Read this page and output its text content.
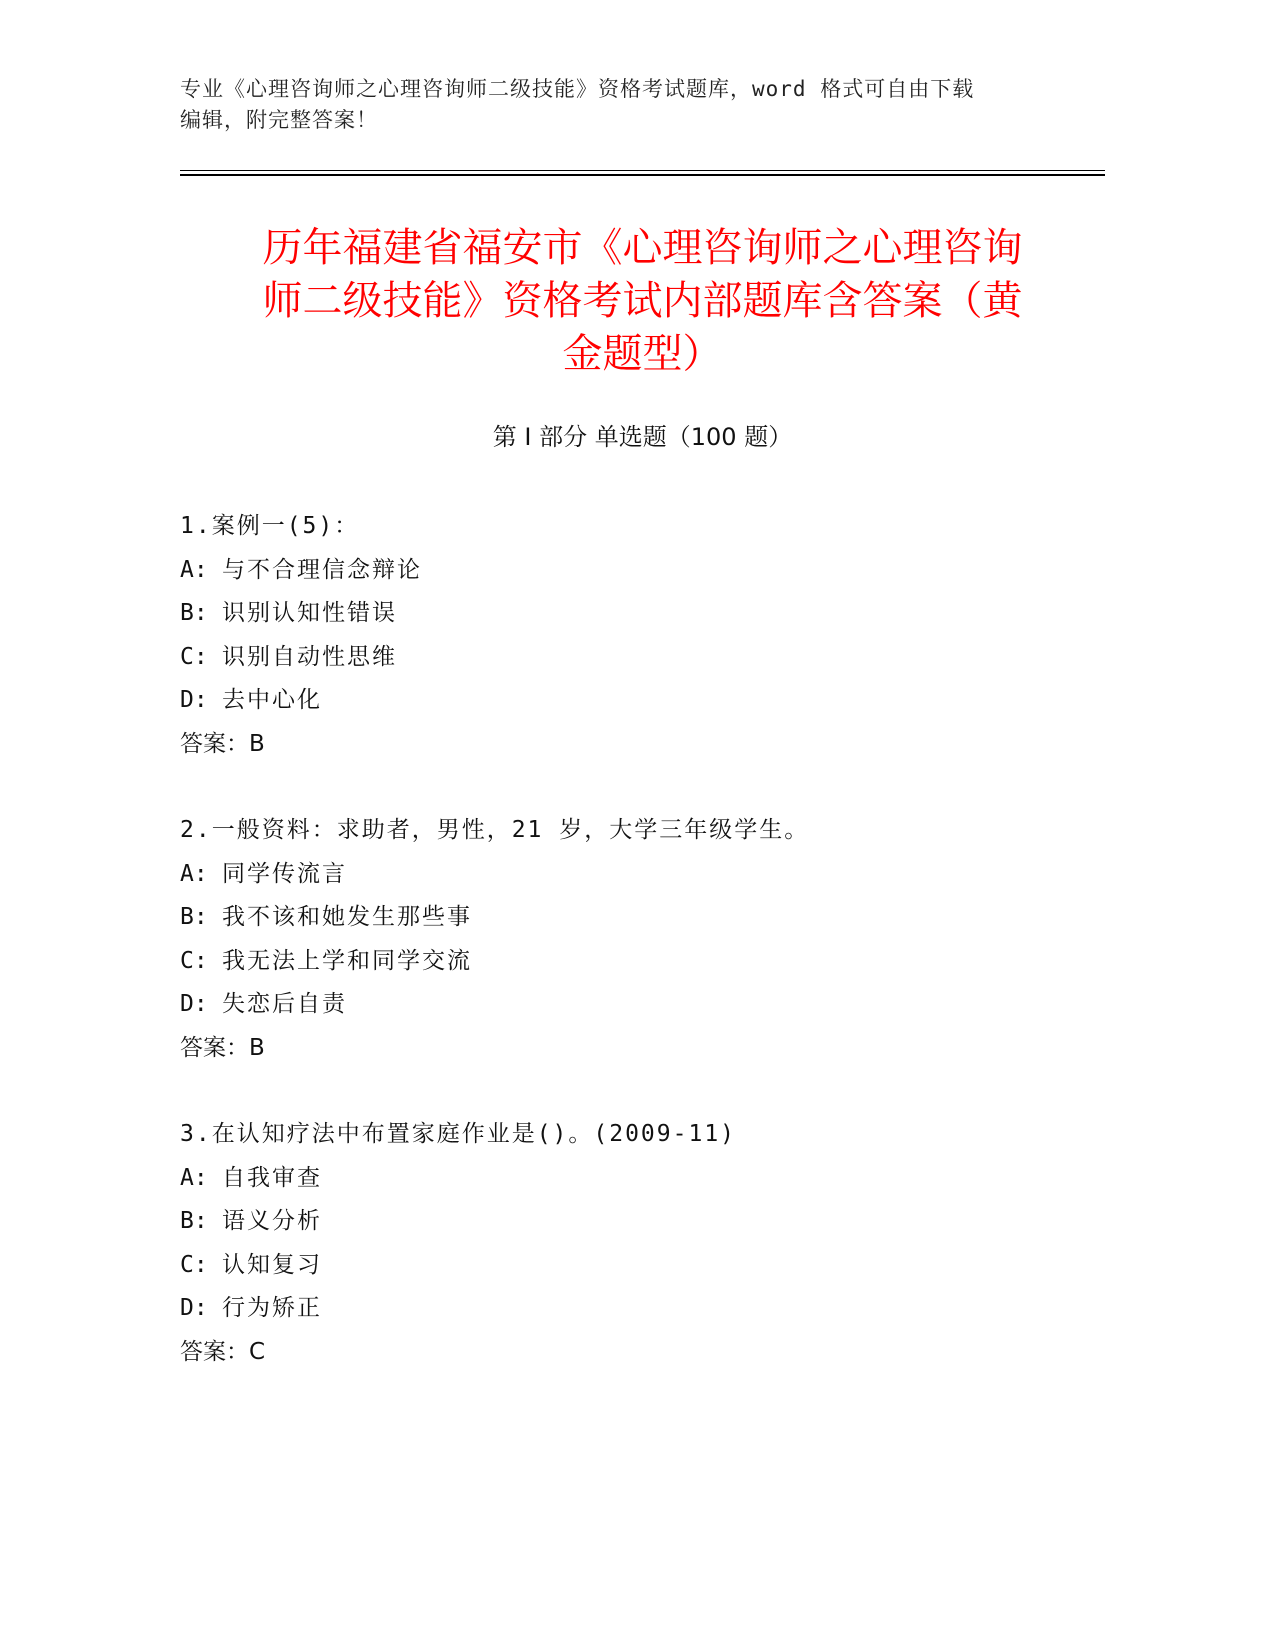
专业《心理咨询师之心理咨询师二级技能》资格考试题库，word 格式可自由下载
编辑，附完整答案！
历年福建省福安市《心理咨询师之心理咨询
师二级技能》资格考试内部题库含答案（黄
金题型）
第 I 部分 单选题（100 题）
1.案例一(5)：
A: 与不合理信念辩论
B: 识别认知性错误
C: 识别自动性思维
D: 去中心化
答案：B
2.一般资料：求助者，男性，21 岁，大学三年级学生。
A: 同学传流言
B: 我不该和她发生那些事
C: 我无法上学和同学交流
D: 失恋后自责
答案：B
3.在认知疗法中布置家庭作业是()。(2009-11)
A: 自我审查
B: 语义分析
C: 认知复习
D: 行为矫正
答案：C
